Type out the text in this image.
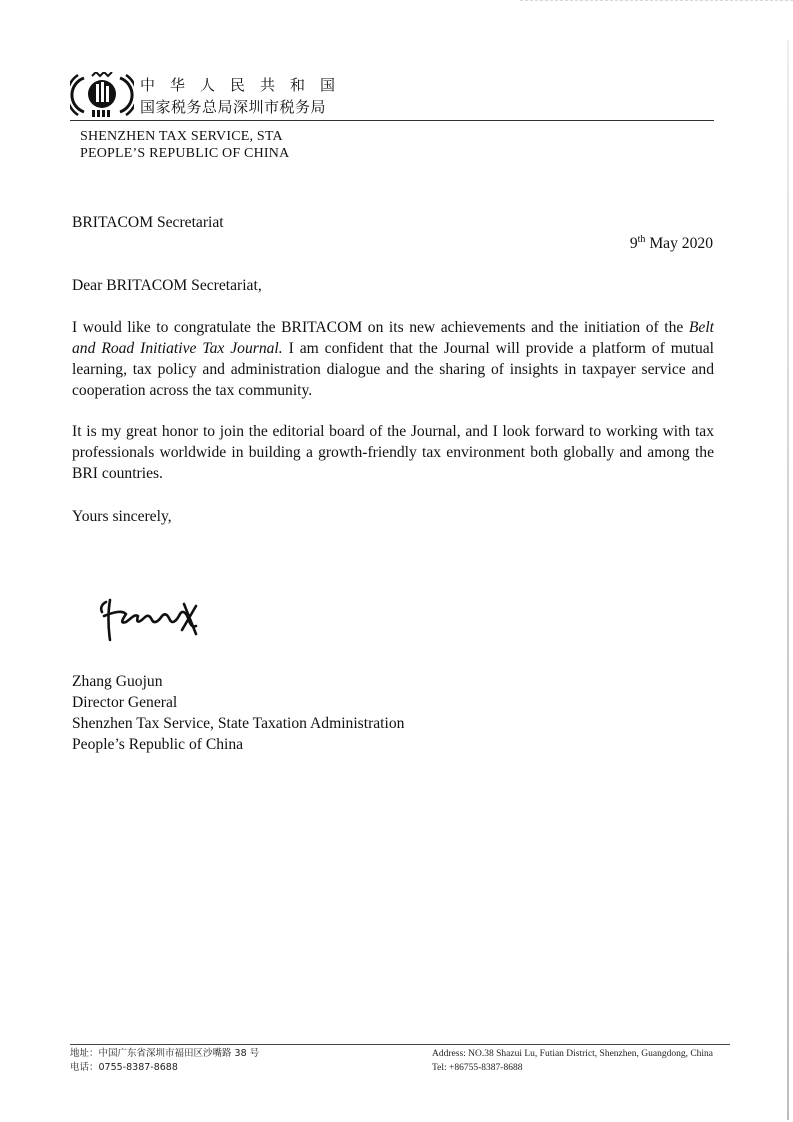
中华人民共和国
国家税务总局深圳市税务局
SHENZHEN TAX SERVICE, STA
PEOPLE’S REPUBLIC OF CHINA
BRITACOM Secretariat
9th May 2020
Dear BRITACOM Secretariat,
I would like to congratulate the BRITACOM on its new achievements and the initiation of the Belt and Road Initiative Tax Journal. I am confident that the Journal will provide a platform of mutual learning, tax policy and administration dialogue and the sharing of insights in taxpayer service and cooperation across the tax community.
It is my great honor to join the editorial board of the Journal, and I look forward to working with tax professionals worldwide in building a growth-friendly tax environment both globally and among the BRI countries.
Yours sincerely,
Zhang Guojun
Director General
Shenzhen Tax Service, State Taxation Administration
People’s Republic of China
地址：中国广东省深圳市福田区沙嘴路 38 号
电话：0755-8387-8688
Address: NO.38 Shazui Lu, Futian District, Shenzhen, Guangdong, China
Tel: +86755-8387-8688
